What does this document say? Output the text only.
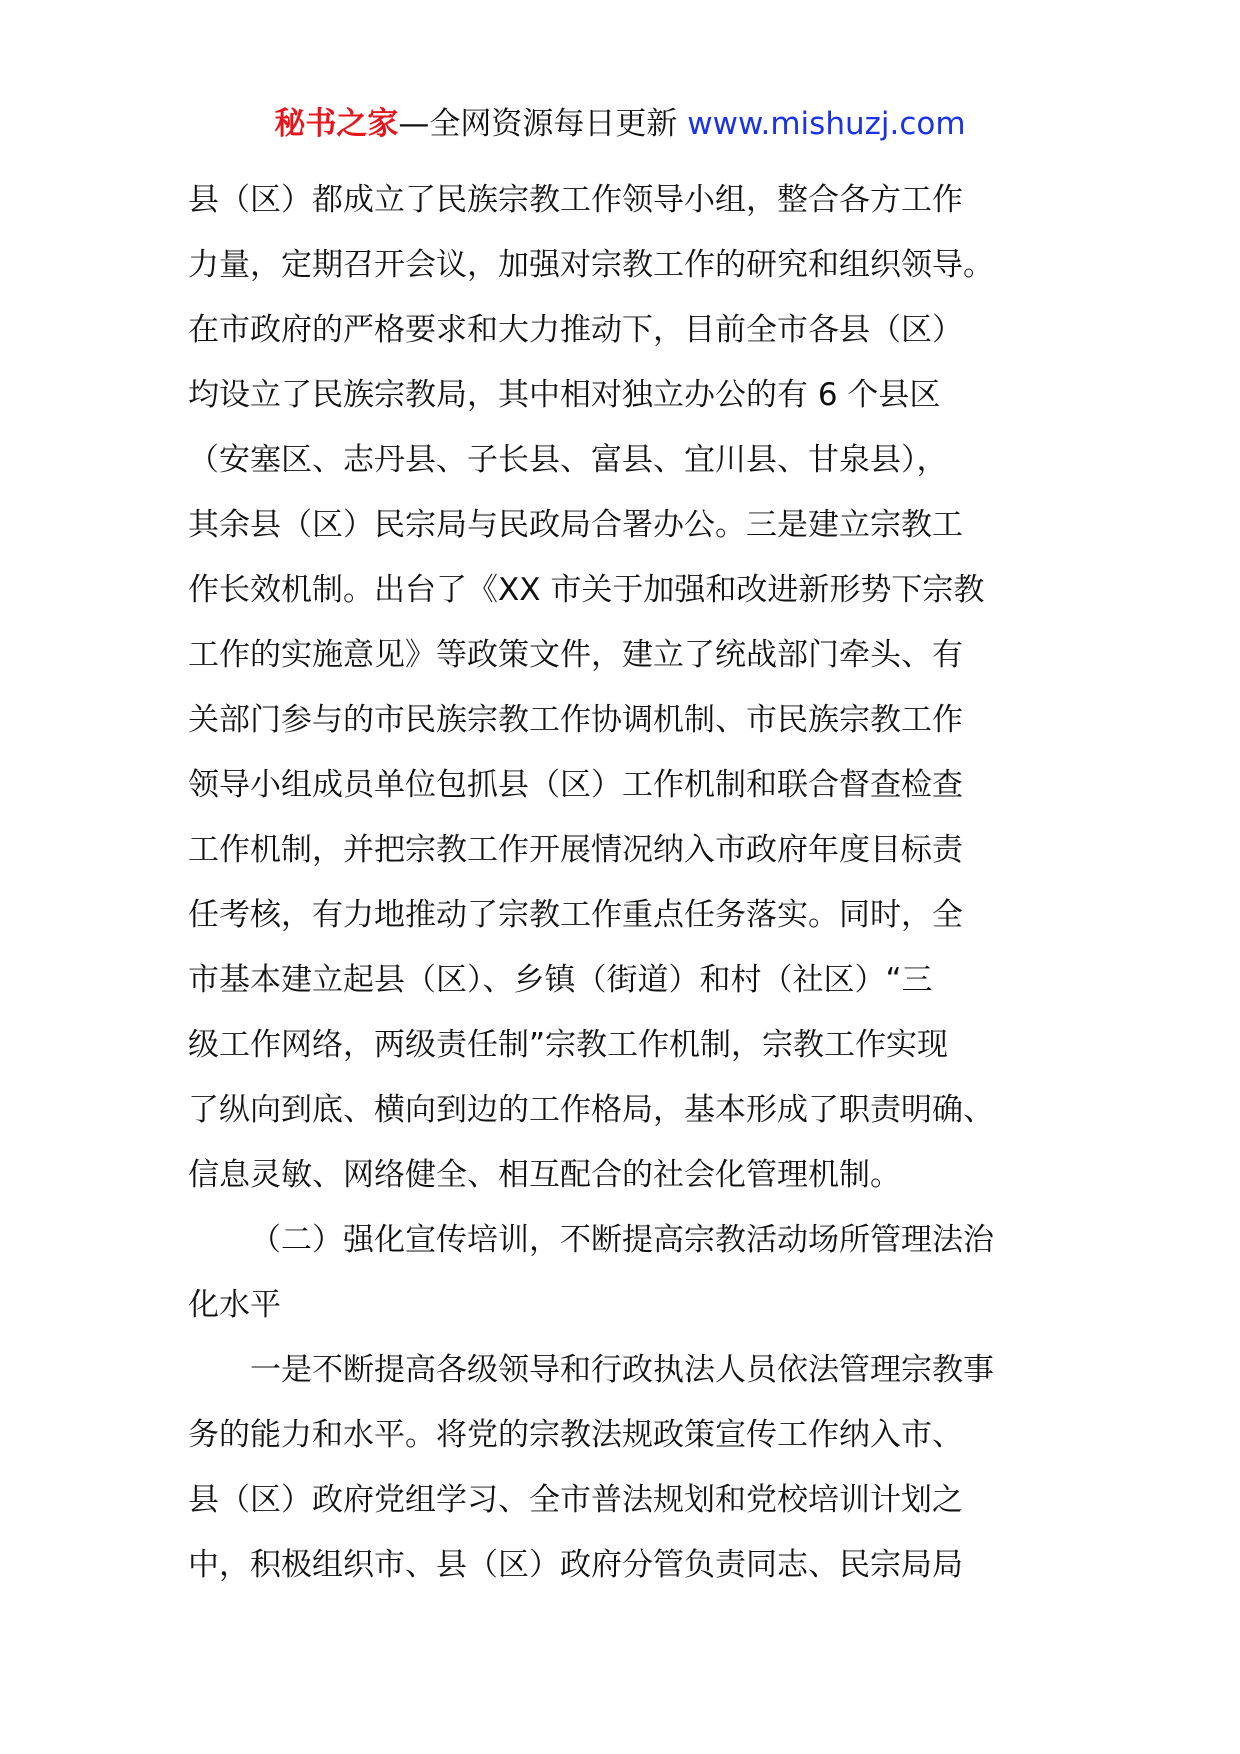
秘书之家—全网资源每日更新 www.mishuzj.com
县（区）都成立了民族宗教工作领导小组，整合各方工作
力量，定期召开会议，加强对宗教工作的研究和组织领导。
在市政府的严格要求和大力推动下，目前全市各县（区）
均设立了民族宗教局，其中相对独立办公的有 6 个县区
（安塞区、志丹县、子长县、富县、宜川县、甘泉县），
其余县（区）民宗局与民政局合署办公。三是建立宗教工
作长效机制。出台了《XX 市关于加强和改进新形势下宗教
工作的实施意见》等政策文件，建立了统战部门牵头、有
关部门参与的市民族宗教工作协调机制、市民族宗教工作
领导小组成员单位包抓县（区）工作机制和联合督查检查
工作机制，并把宗教工作开展情况纳入市政府年度目标责
任考核，有力地推动了宗教工作重点任务落实。同时，全
市基本建立起县（区）、乡镇（街道）和村（社区）“三
级工作网络，两级责任制”宗教工作机制，宗教工作实现
了纵向到底、横向到边的工作格局，基本形成了职责明确、
信息灵敏、网络健全、相互配合的社会化管理机制。
（二）强化宣传培训，不断提高宗教活动场所管理法治
化水平
一是不断提高各级领导和行政执法人员依法管理宗教事
务的能力和水平。将党的宗教法规政策宣传工作纳入市、
县（区）政府党组学习、全市普法规划和党校培训计划之
中，积极组织市、县（区）政府分管负责同志、民宗局局
